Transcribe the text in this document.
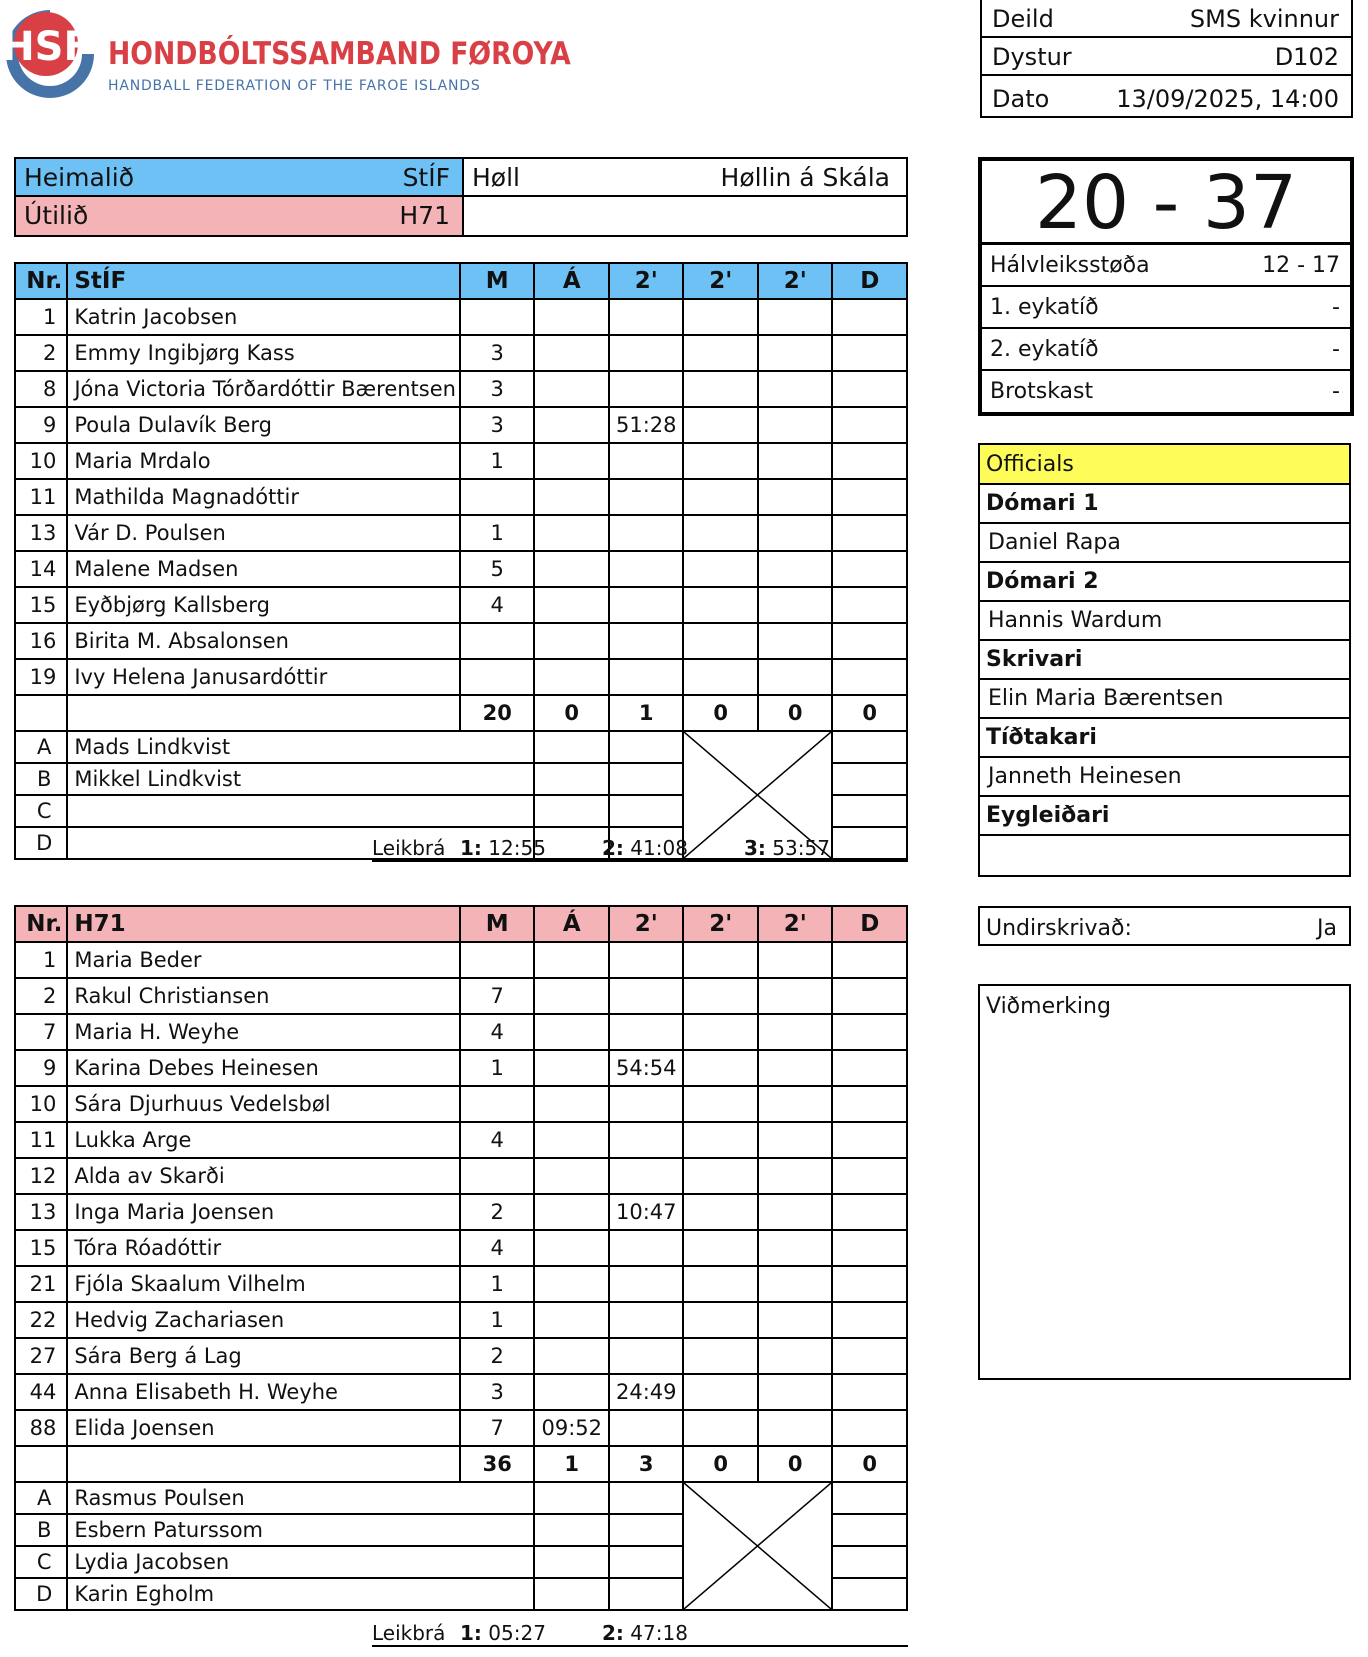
HSF
1980
HONDBÓLTSSAMBAND FØROYA
HANDBALL FEDERATION OF THE FAROE ISLANDS
Deild	SMS kvinnur
Dystur	D102
Dato	13/09/2025, 14:00
Heimalið	StÍF
Útilið	H71
Høll	Høllin á Skála
Nr.	StÍF	M	Á	2'	2'	2'	D
1	Katrin Jacobsen						
2	Emmy Ingibjørg Kass	3					
8	Jóna Victoria Tórðardóttir Bærentsen	3					
9	Poula Dulavík Berg	3		51:28			
10	Maria Mrdalo	1					
11	Mathilda Magnadóttir						
13	Vár D. Poulsen	1					
14	Malene Madsen	5					
15	Eyðbjørg Kallsberg	4					
16	Birita M. Absalonsen						
19	Ivy Helena Janusardóttir						
		20	0	1	0	0	0
A	Mads Lindkvist			

B	Mikkel Lindkvist						
C							
D								Leikbrá 1: 12:55	2: 41:08	3: 53:57
Nr.	H71	M	Á	2'	2'	2'	D
1	Maria Beder						
2	Rakul Christiansen	7					
7	Maria H. Weyhe	4					
9	Karina Debes Heinesen	1		54:54			
10	Sára Djurhuus Vedelsbøl						
11	Lukka Arge	4					
12	Alda av Skarði						
13	Inga Maria Joensen	2		10:47			
15	Tóra Róadóttir	4					
21	Fjóla Skaalum Vilhelm	1					
22	Hedvig Zachariasen	1					
27	Sára Berg á Lag	2					
44	Anna Elisabeth H. Weyhe	3		24:49			
88	Elida Joensen	7	09:52				
		36	1	3	0	0	0
A	Rasmus Poulsen			

B	Esbern Paturssom						
C	Lydia Jacobsen						
D	Karin Egholm						
Leikbrá 1: 05:27	2: 47:18
20 - 37
Hálvleiksstøða	12 - 17
1. eykatíð	-
2. eykatíð	-
Brotskast	-
Officials
Dómari 1
Daniel Rapa
Dómari 2
Hannis Wardum
Skrivari
Elin Maria Bærentsen
Tíðtakari
Janneth Heinesen
Eygleiðari
Undirskrivað:	Ja
Viðmerking
